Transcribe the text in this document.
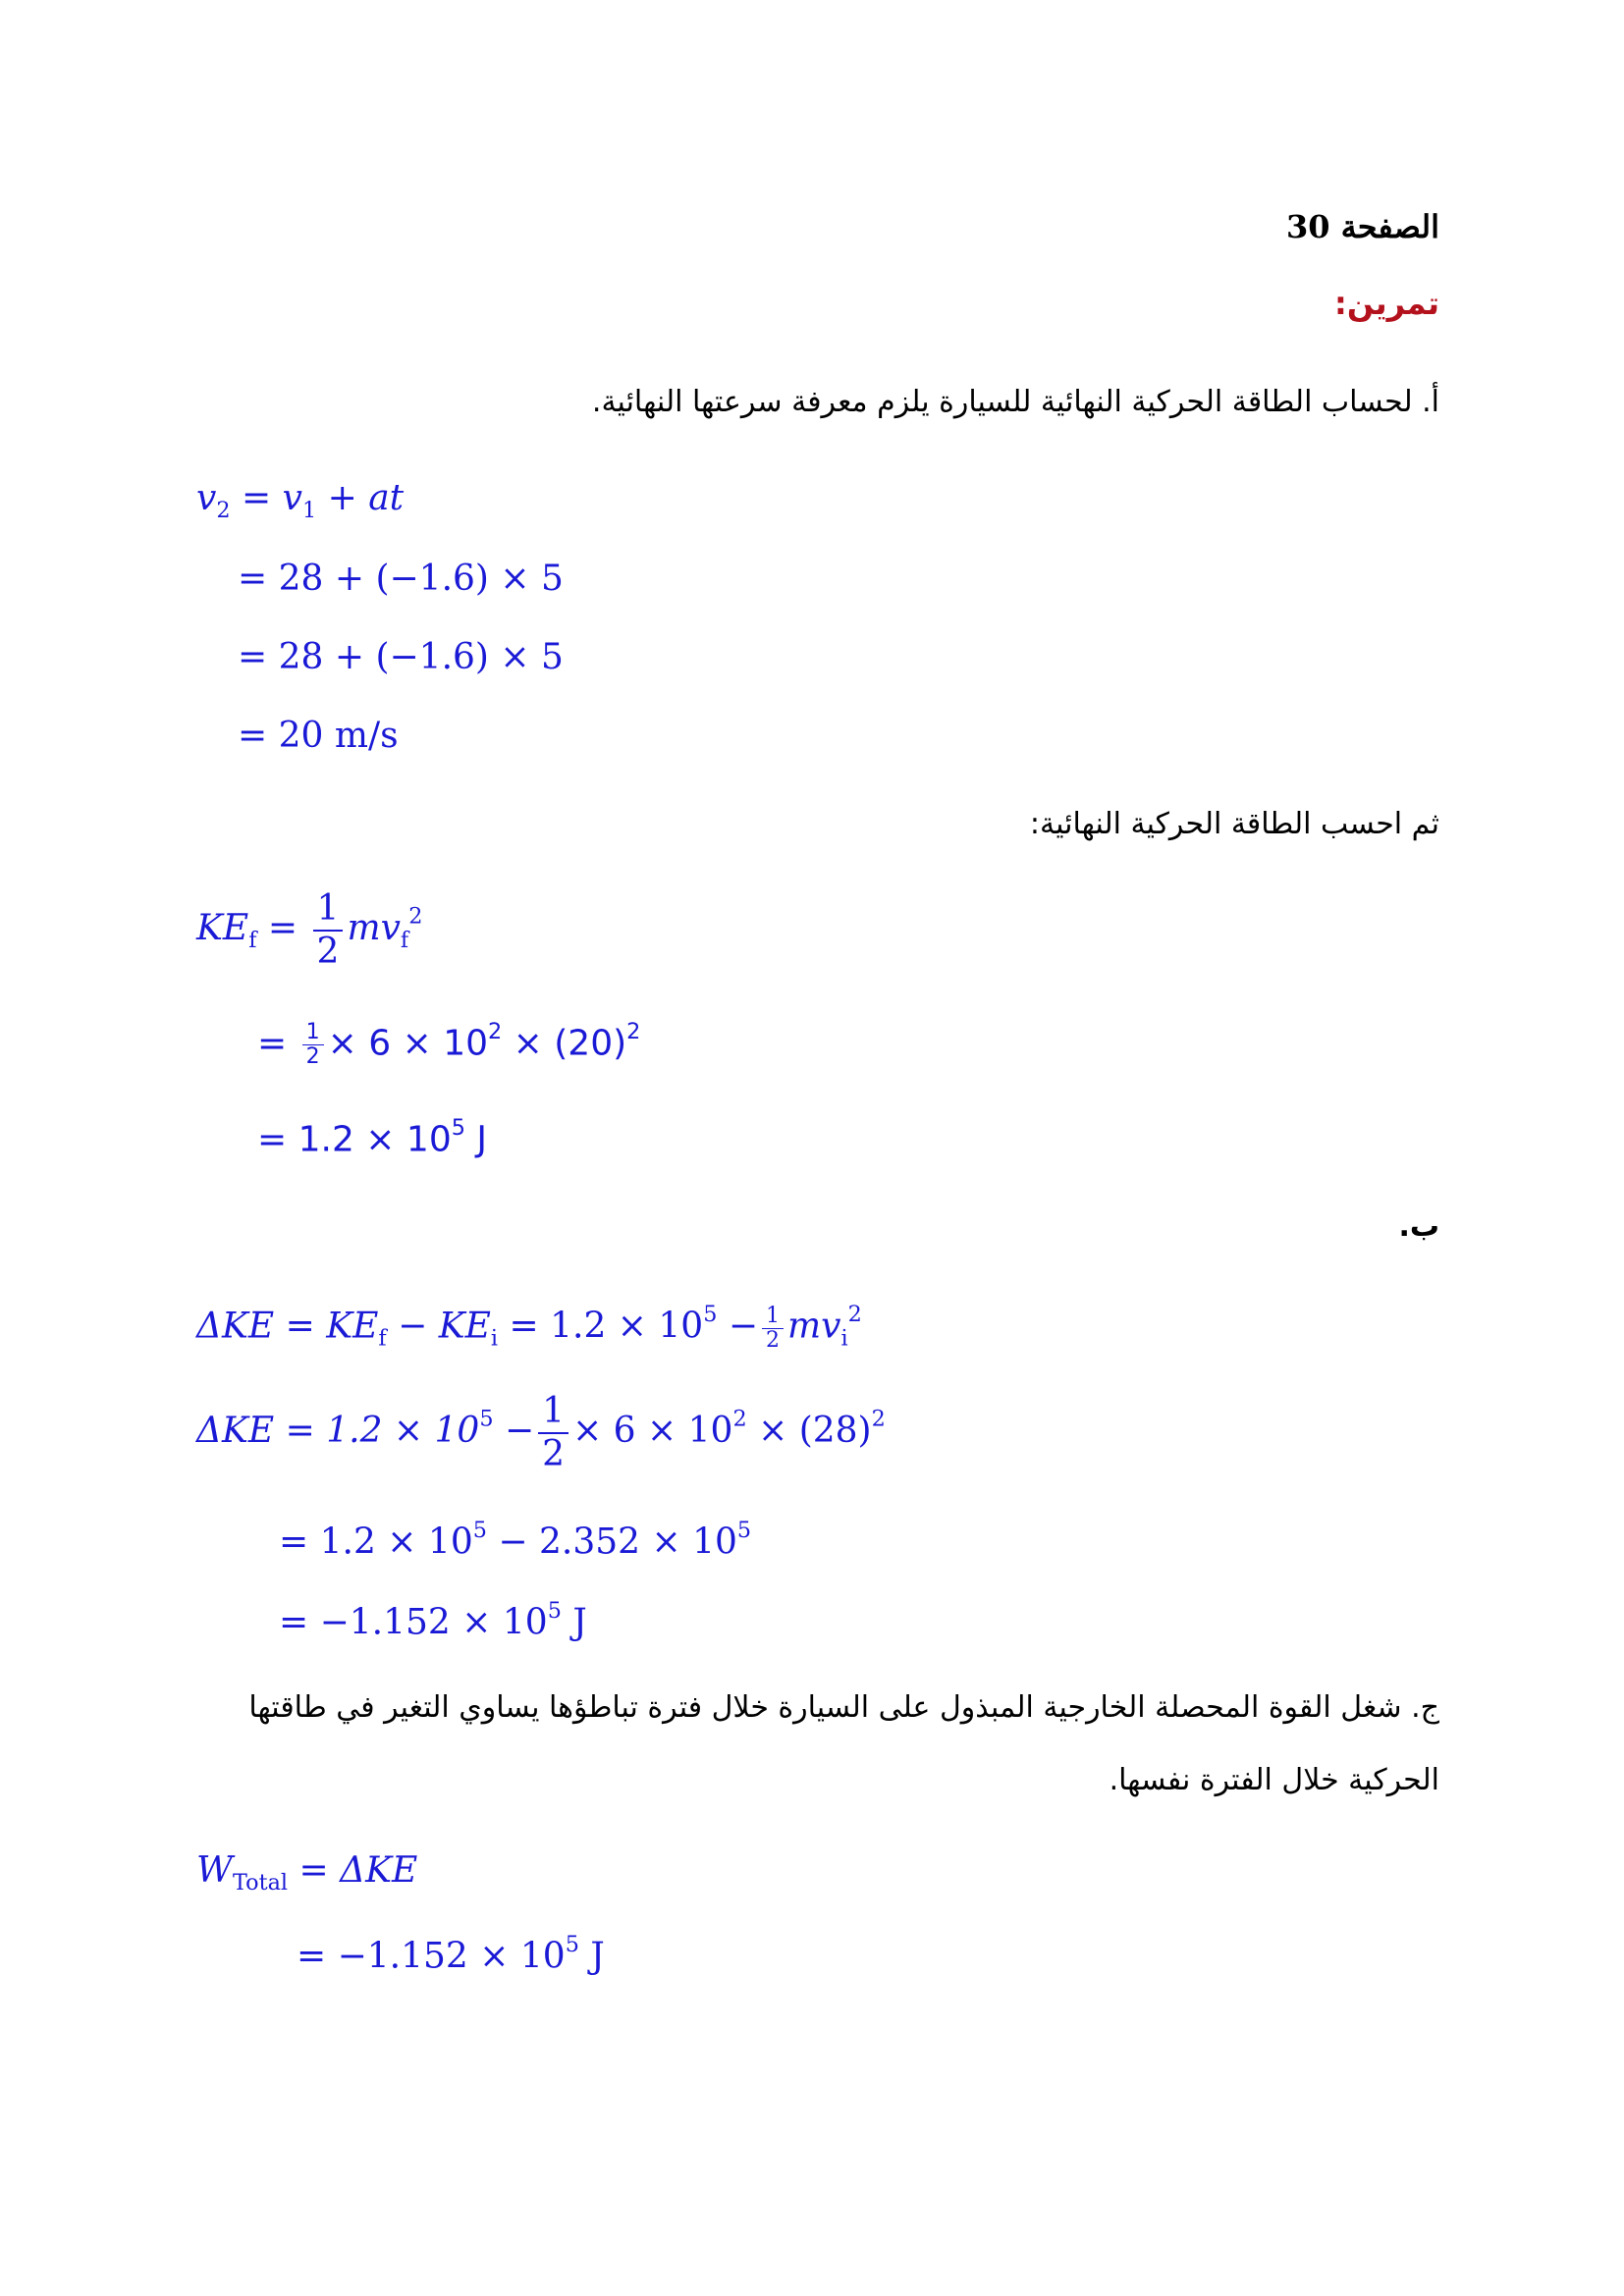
الصفحة 30
تمرين:
أ. لحساب الطاقة الحركية النهائية للسيارة يلزم معرفة سرعتها النهائية.
$v_2 = v_1$ + at
= 28 + (−1.6) × 5
= 28 + (−1.6) × 5
= 20 m/s
ثم احسب الطاقة الحركية النهائية:
$KE_f = \frac{1}{2} mv_f^2$
= $\frac{1}{2} \times 6 \times 10^2 \times (20)^2$
= $1.2 \times 10^5$ J
ب.
$\Delta KE = KE_f - KE_i = 1.2 \times 10^5 - \frac{1}{2} mv_i^2$
$\Delta KE = 1.2 \times 10^5 - \frac{1}{2} \times 6 \times 10^2 \times (28)^2$
= $1.2 \times 10^5 - 2.352 \times 10^5$
= $-1.152 \times 10^5$ J
ج. شغل القوة المحصلة الخارجية المبذول على السيارة خلال فترة تباطؤها يساوي التغير في طاقتها
الحركية خلال الفترة نفسها.
$W_{Total} = \Delta KE$
= $-1.152 \times 10^5$ J
